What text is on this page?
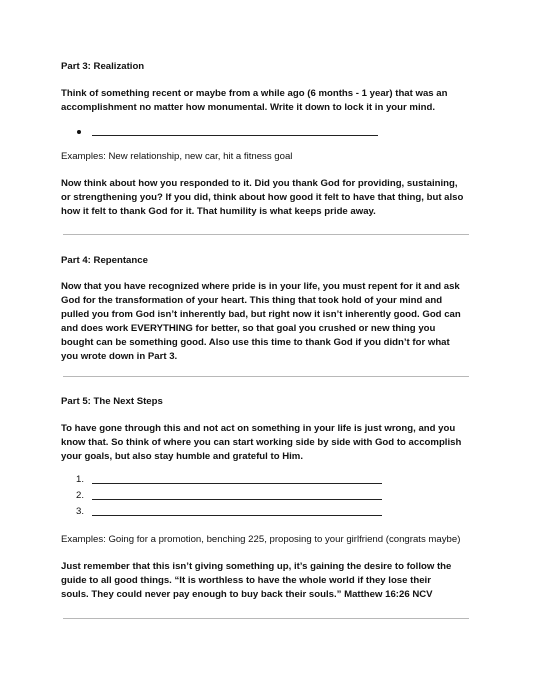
Part 3: Realization
Think of something recent or maybe from a while ago (6 months - 1 year) that was an
accomplishment no matter how monumental. Write it down to lock it in your mind.
Examples: New relationship, new car, hit a fitness goal
Now think about how you responded to it. Did you thank God for providing, sustaining,
or strengthening you? If you did, think about how good it felt to have that thing, but also
how it felt to thank God for it. That humility is what keeps pride away.
Part 4: Repentance
Now that you have recognized where pride is in your life, you must repent for it and ask
God for the transformation of your heart. This thing that took hold of your mind and
pulled you from God isn’t inherently bad, but right now it isn’t inherently good. God can
and does work EVERYTHING for better, so that goal you crushed or new thing you
bought can be something good. Also use this time to thank God if you didn’t for what
you wrote down in Part 3.
Part 5: The Next Steps
To have gone through this and not act on something in your life is just wrong, and you
know that. So think of where you can start working side by side with God to accomplish
your goals, but also stay humble and grateful to Him.
1.
2.
3.
Examples: Going for a promotion, benching 225, proposing to your girlfriend (congrats maybe)
Just remember that this isn’t giving something up, it’s gaining the desire to follow the
guide to all good things. “It is worthless to have the whole world if they lose their
souls. They could never pay enough to buy back their souls.” Matthew 16:26 NCV
